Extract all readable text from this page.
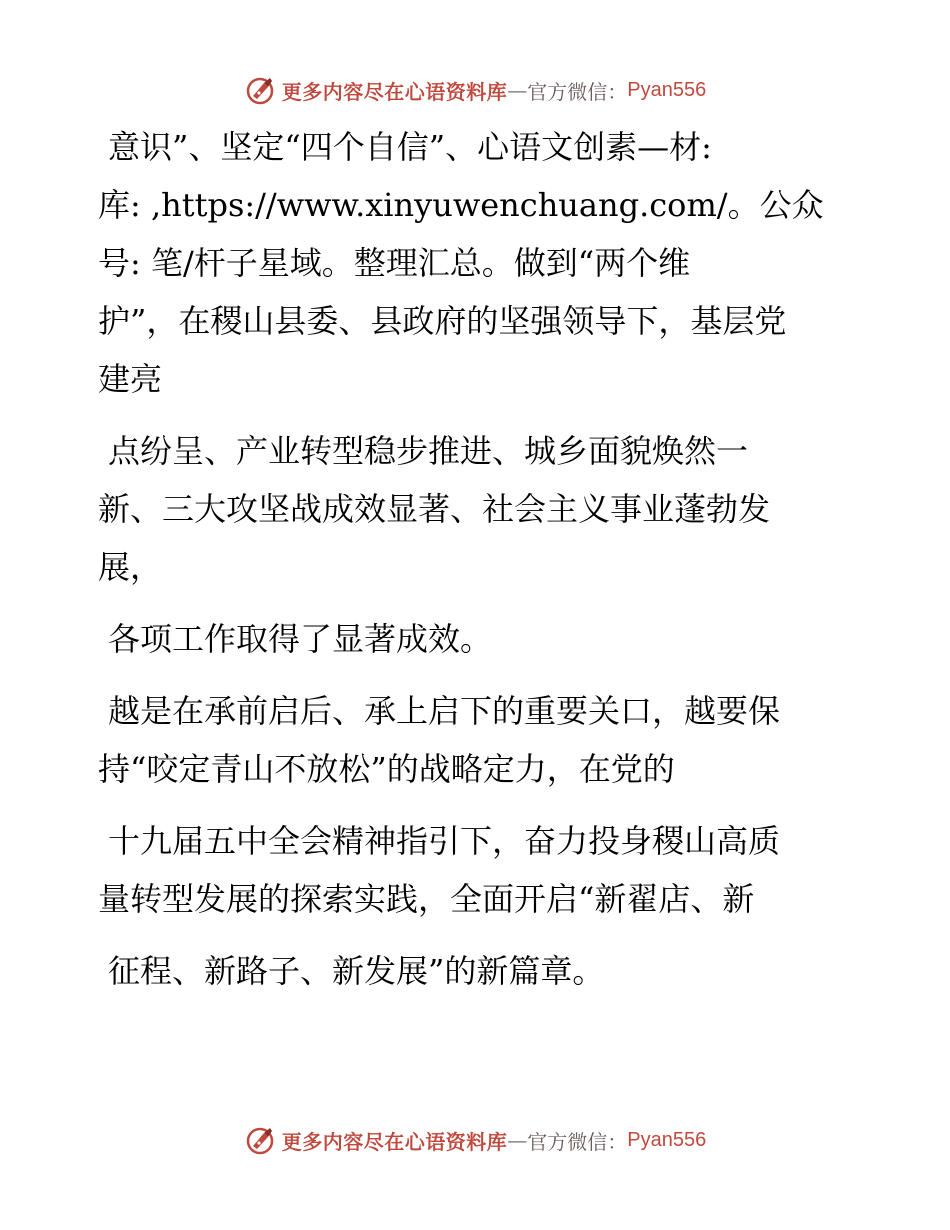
更多内容尽在心语资料库 — 官方微信： Pyan556
意识”、坚定“四个自信”、心语文创素—材:
库: ,https://www.xinyuwenchuang.com/。公众
号: 笔/杆子星域。整理汇总。做到“两个维
护”，在稷山县委、县政府的坚强领导下，基层党
建亮
点纷呈、产业转型稳步推进、城乡面貌焕然一
新、三大攻坚战成效显著、社会主义事业蓬勃发
展，
各项工作取得了显著成效。
越是在承前启后、承上启下的重要关口，越要保
持“咬定青山不放松”的战略定力，在党的
十九届五中全会精神指引下，奋力投身稷山高质
量转型发展的探索实践，全面开启“新翟店、新
征程、新路子、新发展”的新篇章。
更多内容尽在心语资料库 — 官方微信： Pyan556
